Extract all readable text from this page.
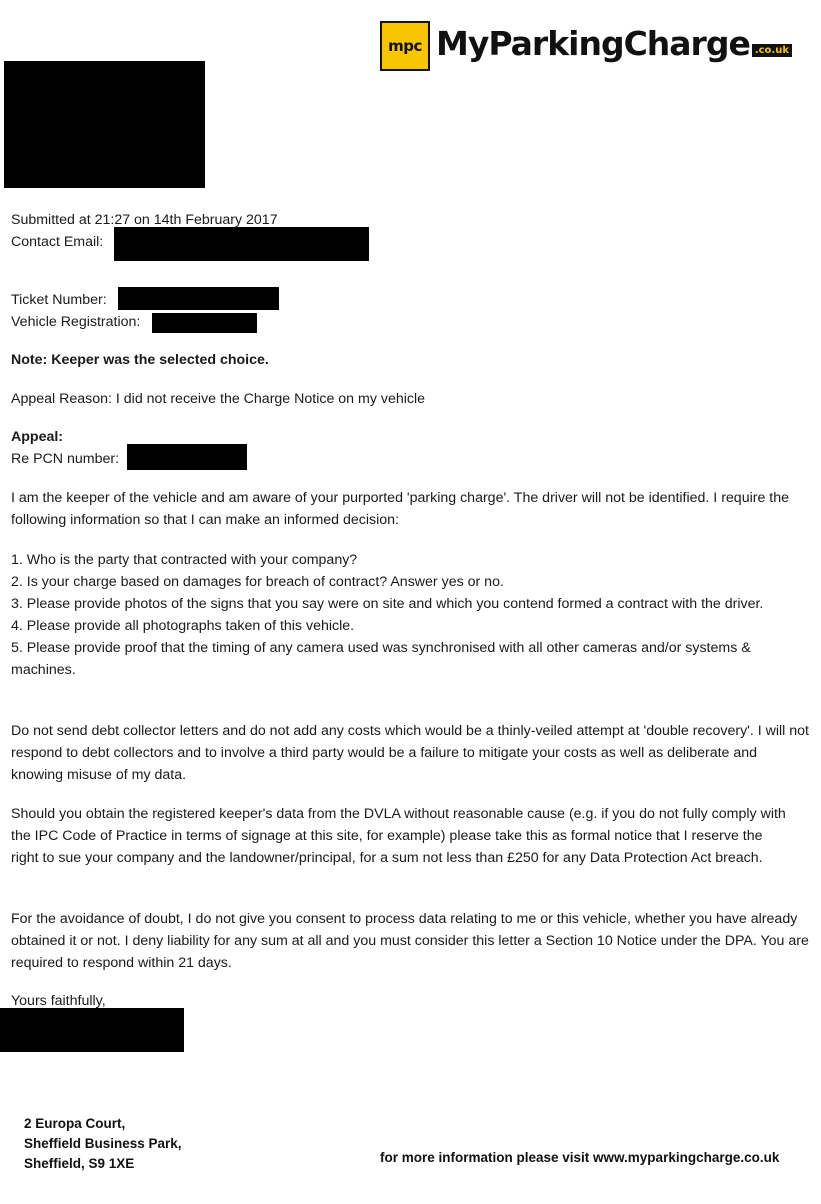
mpc MyParkingCharge .co.uk
Submitted at 21:27 on 14th February 2017
Contact Email:
Ticket Number:
Vehicle Registration:
Note: Keeper was the selected choice.
Appeal Reason: I did not receive the Charge Notice on my vehicle
Appeal:
Re PCN number:

I am the keeper of the vehicle and am aware of your purported 'parking charge'. The driver will not be identified. I require the following information so that I can make an informed decision:

1. Who is the party that contracted with your company?

2. Is your charge based on damages for breach of contract? Answer yes or no.

3. Please provide photos of the signs that you say were on site and which you contend formed a contract with the driver.

4. Please provide all photographs taken of this vehicle.

5. Please provide proof that the timing of any camera used was synchronised with all other cameras and/or systems & machines.

Do not send debt collector letters and do not add any costs which would be a thinly-veiled attempt at 'double recovery'. I will not respond to debt collectors and to involve a third party would be a failure to mitigate your costs as well as deliberate and knowing misuse of my data.

Should you obtain the registered keeper's data from the DVLA without reasonable cause (e.g. if you do not fully comply with the IPC Code of Practice in terms of signage at this site, for example) please take this as formal notice that I reserve the right to sue your company and the landowner/principal, for a sum not less than £250 for any Data Protection Act breach.

For the avoidance of doubt, I do not give you consent to process data relating to me or this vehicle, whether you have already obtained it or not. I deny liability for any sum at all and you must consider this letter a Section 10 Notice under the DPA. You are required to respond within 21 days.

Yours faithfully,
2 Europa Court,
Sheffield Business Park,
Sheffield, S9 1XE	for more information please visit www.myparkingcharge.co.uk
